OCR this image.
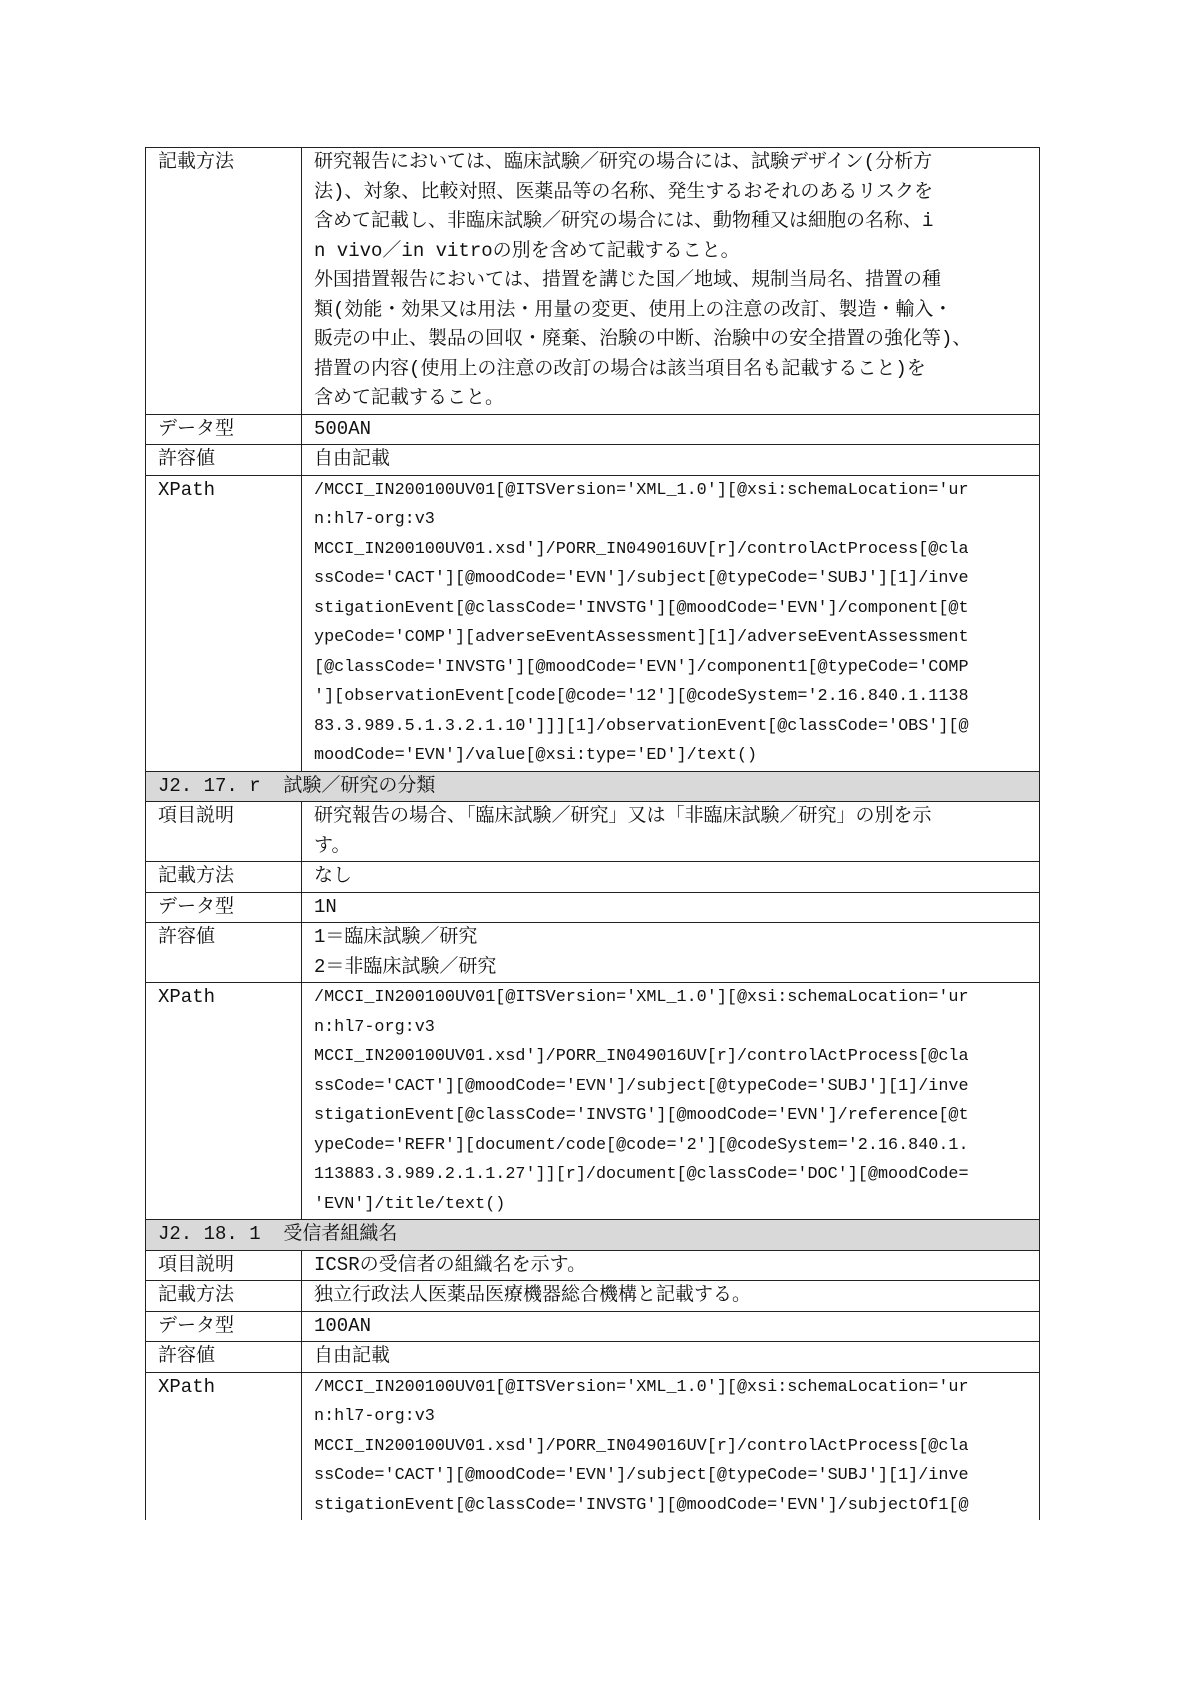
記載方法	研究報告においては、臨床試験／研究の場合には、試験デザイン(分析方
法)、対象、比較対照、医薬品等の名称、発生するおそれのあるリスクを
含めて記載し、非臨床試験／研究の場合には、動物種又は細胞の名称、i
n vivo／in vitroの別を含めて記載すること。
外国措置報告においては、措置を講じた国／地域、規制当局名、措置の種
類(効能・効果又は用法・用量の変更、使用上の注意の改訂、製造・輸入・
販売の中止、製品の回収・廃棄、治験の中断、治験中の安全措置の強化等)、
措置の内容(使用上の注意の改訂の場合は該当項目名も記載すること)を
含めて記載すること。
データ型	500AN
許容値	自由記載
XPath	/MCCI_IN200100UV01[@ITSVersion='XML_1.0'][@xsi:schemaLocation='ur
n:hl7-org:v3
MCCI_IN200100UV01.xsd']/PORR_IN049016UV[r]/controlActProcess[@cla
ssCode='CACT'][@moodCode='EVN']/subject[@typeCode='SUBJ'][1]/inve
stigationEvent[@classCode='INVSTG'][@moodCode='EVN']/component[@t
ypeCode='COMP'][adverseEventAssessment][1]/adverseEventAssessment
[@classCode='INVSTG'][@moodCode='EVN']/component1[@typeCode='COMP
'][observationEvent[code[@code='12'][@codeSystem='2.16.840.1.1138
83.3.989.5.1.3.2.1.10']]][1]/observationEvent[@classCode='OBS'][@
moodCode='EVN']/value[@xsi:type='ED']/text()
J2. 17. r  試験／研究の分類
項目説明	研究報告の場合、「臨床試験／研究」又は「非臨床試験／研究」の別を示
す。
記載方法	なし
データ型	1N
許容値	1＝臨床試験／研究
2＝非臨床試験／研究
XPath	/MCCI_IN200100UV01[@ITSVersion='XML_1.0'][@xsi:schemaLocation='ur
n:hl7-org:v3
MCCI_IN200100UV01.xsd']/PORR_IN049016UV[r]/controlActProcess[@cla
ssCode='CACT'][@moodCode='EVN']/subject[@typeCode='SUBJ'][1]/inve
stigationEvent[@classCode='INVSTG'][@moodCode='EVN']/reference[@t
ypeCode='REFR'][document/code[@code='2'][@codeSystem='2.16.840.1.
113883.3.989.2.1.1.27']][r]/document[@classCode='DOC'][@moodCode=
'EVN']/title/text()
J2. 18. 1  受信者組織名
項目説明	ICSRの受信者の組織名を示す。
記載方法	独立行政法人医薬品医療機器総合機構と記載する。
データ型	100AN
許容値	自由記載
XPath	/MCCI_IN200100UV01[@ITSVersion='XML_1.0'][@xsi:schemaLocation='ur
n:hl7-org:v3
MCCI_IN200100UV01.xsd']/PORR_IN049016UV[r]/controlActProcess[@cla
ssCode='CACT'][@moodCode='EVN']/subject[@typeCode='SUBJ'][1]/inve
stigationEvent[@classCode='INVSTG'][@moodCode='EVN']/subjectOf1[@
